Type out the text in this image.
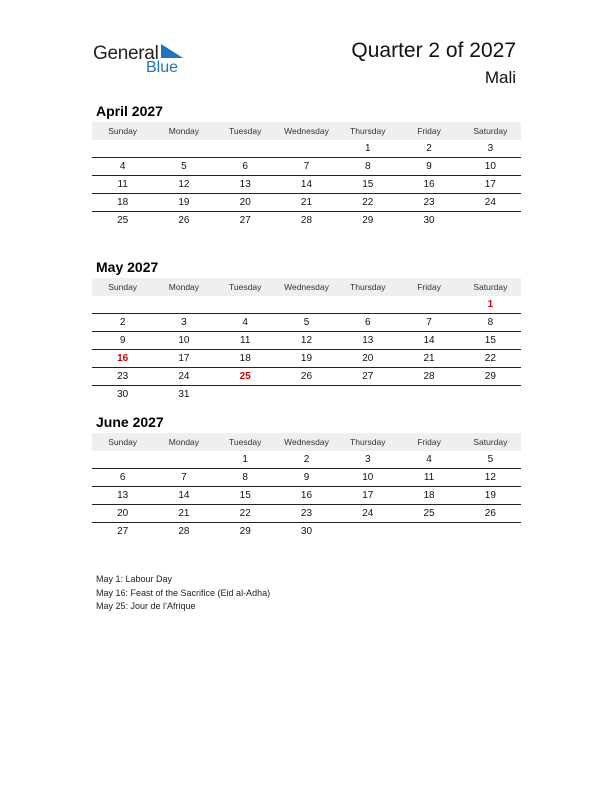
General
Blue
Quarter 2 of 2027
Mali
April 2027
Sunday	Monday	Tuesday	Wednesday	Thursday	Friday	Saturday
				1	2	3
4	5	6	7	8	9	10
11	12	13	14	15	16	17
18	19	20	21	22	23	24
25	26	27	28	29	30	
May 2027
Sunday	Monday	Tuesday	Wednesday	Thursday	Friday	Saturday
						1
2	3	4	5	6	7	8
9	10	11	12	13	14	15
16	17	18	19	20	21	22
23	24	25	26	27	28	29
30	31					
June 2027
Sunday	Monday	Tuesday	Wednesday	Thursday	Friday	Saturday
		1	2	3	4	5
6	7	8	9	10	11	12
13	14	15	16	17	18	19
20	21	22	23	24	25	26
27	28	29	30			
May 1: Labour Day
May 16: Feast of the Sacrifice (Eid al-Adha)
May 25: Jour de l’Afrique
